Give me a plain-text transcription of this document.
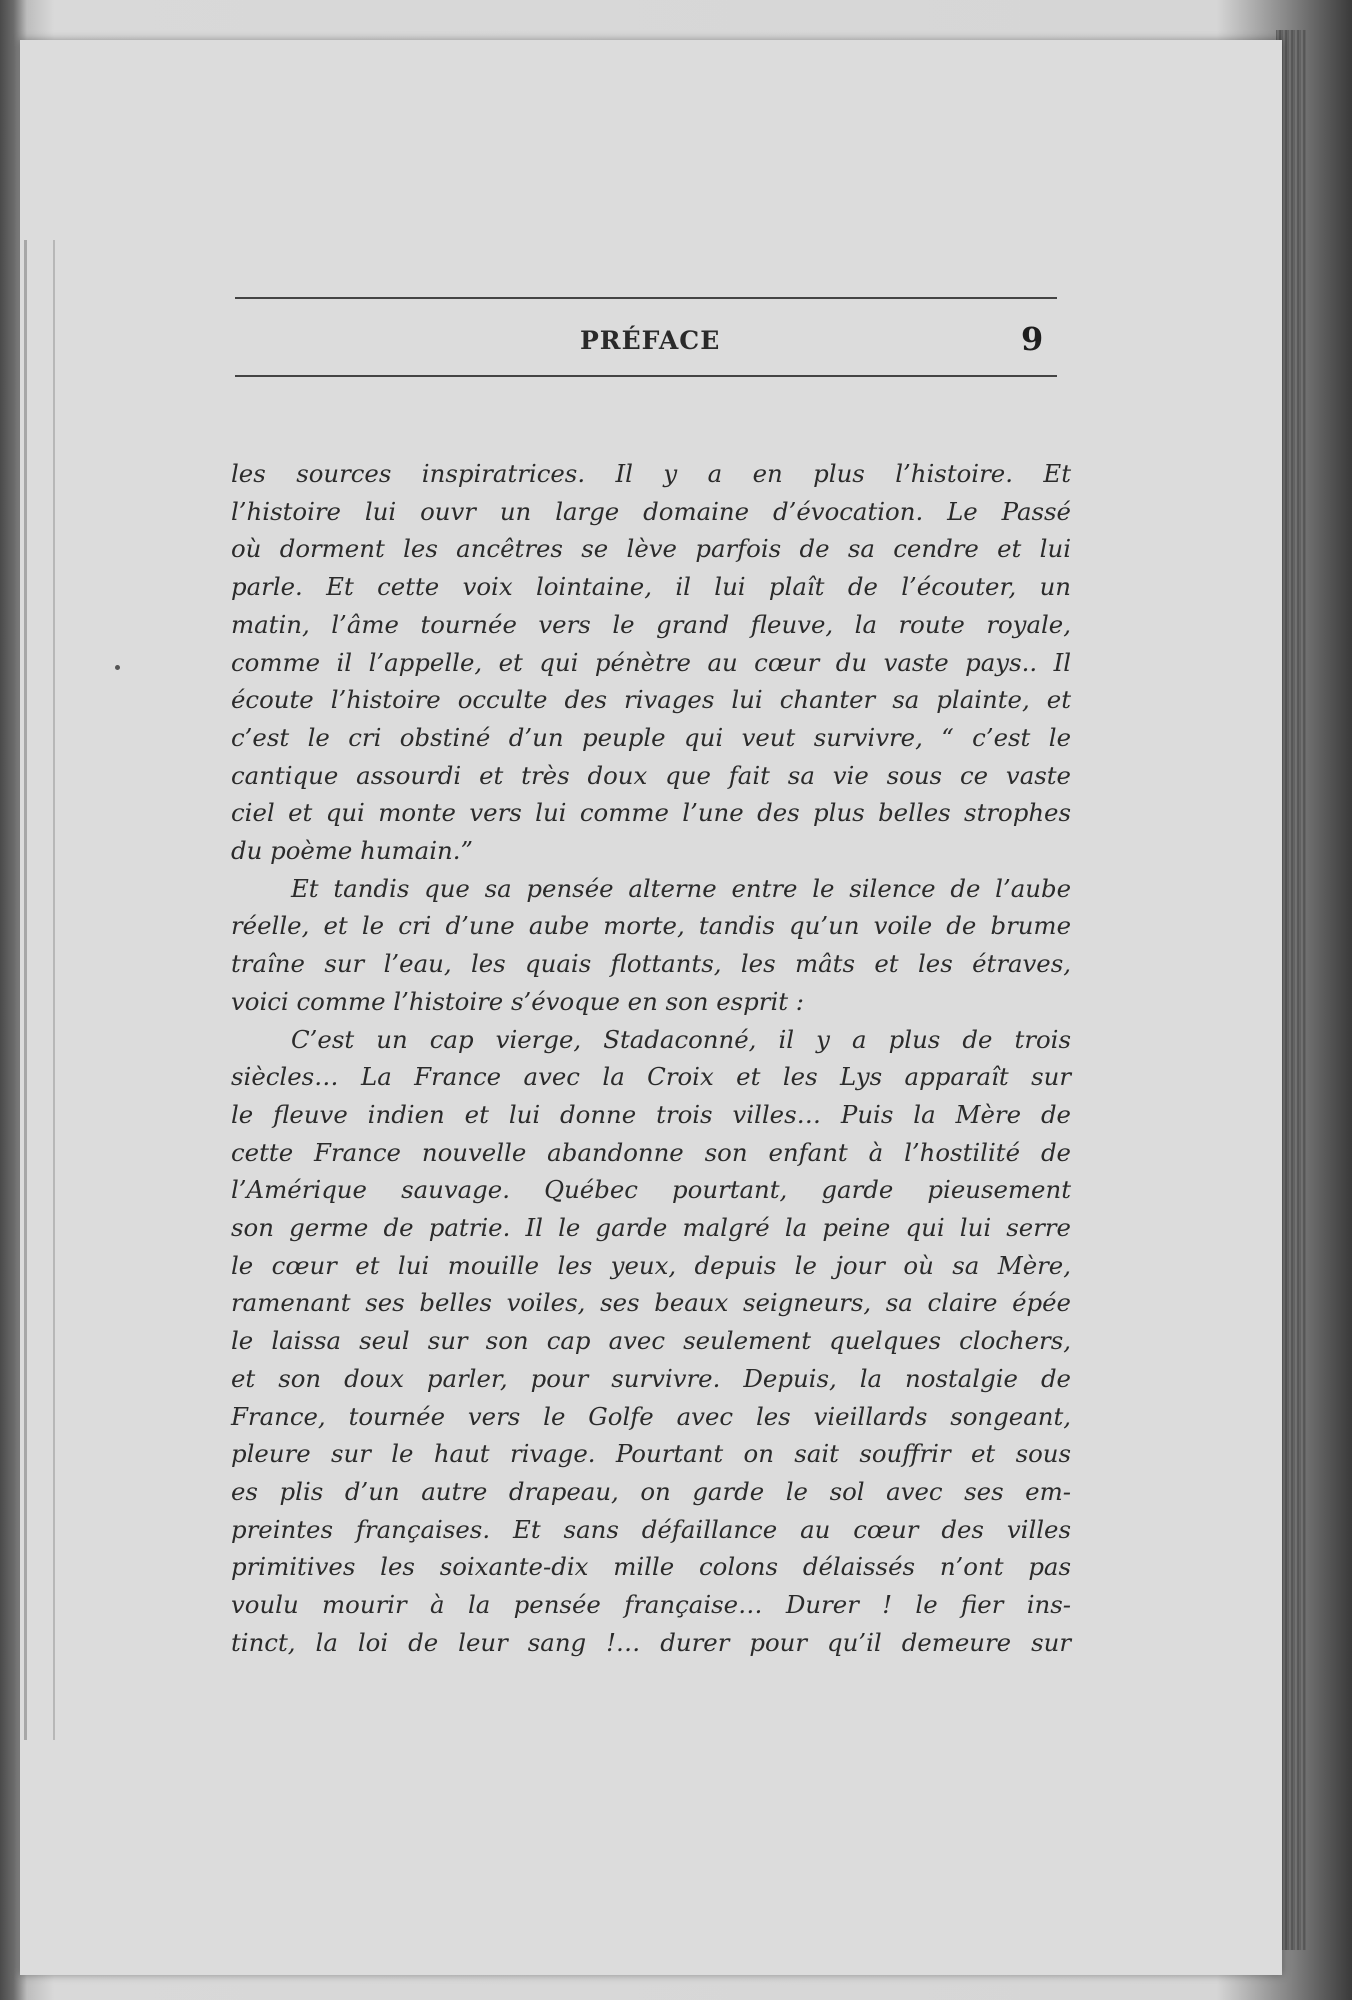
PRÉFACE	9

les sources inspiratrices. Il y a en plus l’histoire. Et

l’histoire lui ouvr un large domaine d’évocation. Le Passé

où dorment les ancêtres se lève parfois de sa cendre et lui

parle. Et cette voix lointaine, il lui plaît de l’écouter, un

matin, l’âme tournée vers le grand fleuve, la route royale,

comme il l’appelle, et qui pénètre au cœur du vaste pays.. Il

écoute l’histoire occulte des rivages lui chanter sa plainte, et

c’est le cri obstiné d’un peuple qui veut survivre, “ c’est le

cantique assourdi et très doux que fait sa vie sous ce vaste

ciel et qui monte vers lui comme l’une des plus belles strophes

du poème humain.”

Et tandis que sa pensée alterne entre le silence de l’aube

réelle, et le cri d’une aube morte, tandis qu’un voile de brume

traîne sur l’eau, les quais flottants, les mâts et les étraves,

voici comme l’histoire s’évoque en son esprit :

C’est un cap vierge, Stadaconné, il y a plus de trois

siècles… La France avec la Croix et les Lys apparaît sur

le fleuve indien et lui donne trois villes… Puis la Mère de

cette France nouvelle abandonne son enfant à l’hostilité de

l’Amérique sauvage. Québec pourtant, garde pieusement

son germe de patrie. Il le garde malgré la peine qui lui serre

le cœur et lui mouille les yeux, depuis le jour où sa Mère,

ramenant ses belles voiles, ses beaux seigneurs, sa claire épée

le laissa seul sur son cap avec seulement quelques clochers,

et son doux parler, pour survivre. Depuis, la nostalgie de

France, tournée vers le Golfe avec les vieillards songeant,

pleure sur le haut rivage. Pourtant on sait souffrir et sous

es plis d’un autre drapeau, on garde le sol avec ses em-

preintes françaises. Et sans défaillance au cœur des villes

primitives les soixante-dix mille colons délaissés n’ont pas

voulu mourir à la pensée française… Durer ! le fier ins-

tinct, la loi de leur sang !… durer pour qu’il demeure sur
